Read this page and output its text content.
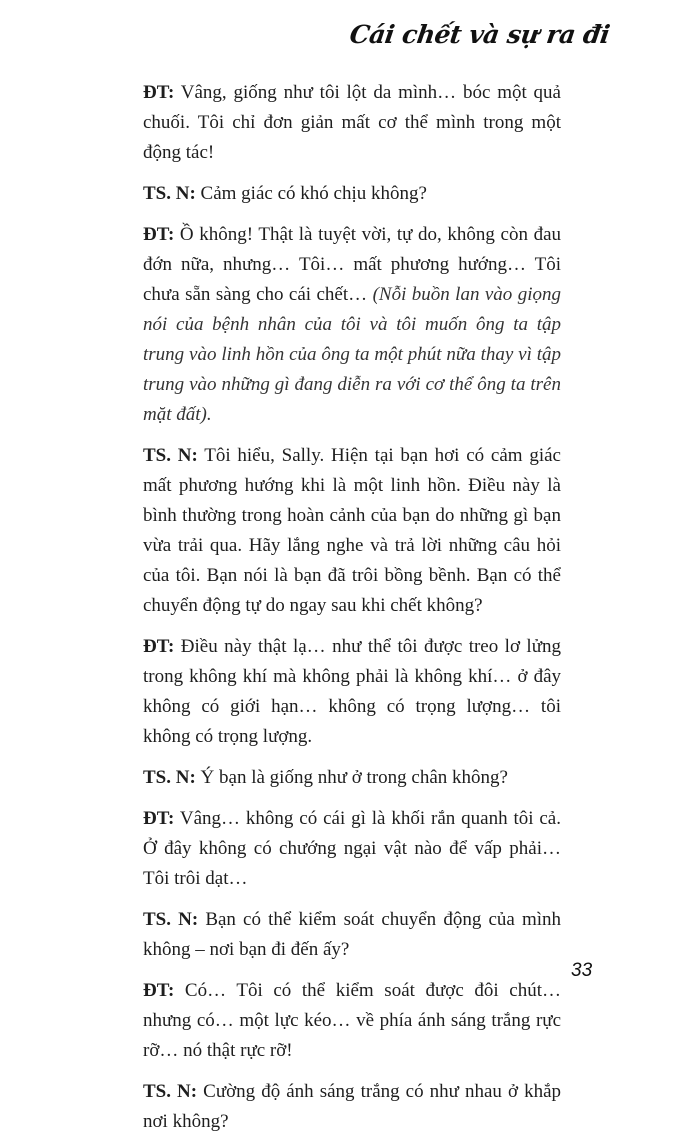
Cái chết và sự ra đi

ĐT: Vâng, giống như tôi lột da mình… bóc một quả chuối. Tôi chỉ đơn giản mất cơ thể mình trong một động tác!

TS. N: Cảm giác có khó chịu không?

ĐT: Ồ không! Thật là tuyệt vời, tự do, không còn đau đớn nữa, nhưng… Tôi… mất phương hướng… Tôi chưa sẵn sàng cho cái chết… (Nỗi buồn lan vào giọng nói của bệnh nhân của tôi và tôi muốn ông ta tập trung vào linh hồn của ông ta một phút nữa thay vì tập trung vào những gì đang diễn ra với cơ thể ông ta trên mặt đất).

TS. N: Tôi hiểu, Sally. Hiện tại bạn hơi có cảm giác mất phương hướng khi là một linh hồn. Điều này là bình thường trong hoàn cảnh của bạn do những gì bạn vừa trải qua. Hãy lắng nghe và trả lời những câu hỏi của tôi. Bạn nói là bạn đã trôi bồng bềnh. Bạn có thể chuyển động tự do ngay sau khi chết không?

ĐT: Điều này thật lạ… như thể tôi được treo lơ lửng trong không khí mà không phải là không khí… ở đây không có giới hạn… không có trọng lượng… tôi không có trọng lượng.

TS. N: Ý bạn là giống như ở trong chân không?

ĐT: Vâng… không có cái gì là khối rắn quanh tôi cả. Ở đây không có chướng ngại vật nào để vấp phải… Tôi trôi dạt…

TS. N: Bạn có thể kiểm soát chuyển động của mình không – nơi bạn đi đến ấy?

ĐT: Có… Tôi có thể kiểm soát được đôi chút… nhưng có… một lực kéo… về phía ánh sáng trắng rực rỡ… nó thật rực rỡ!

TS. N: Cường độ ánh sáng trắng có như nhau ở khắp nơi không?

33
